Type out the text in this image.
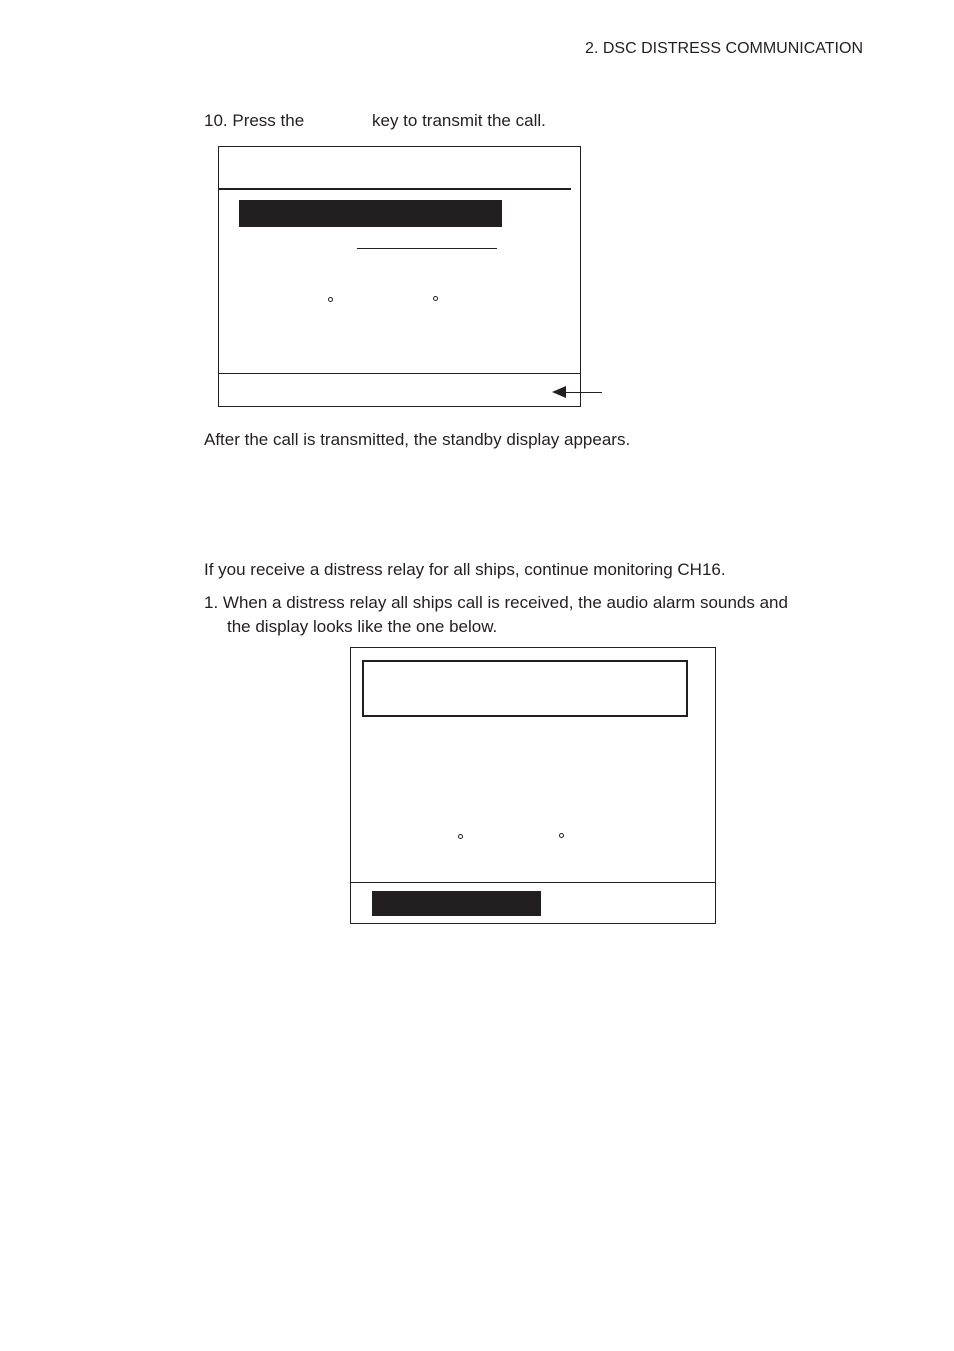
2. DSC DISTRESS COMMUNICATION
10. Press the	key to transmit the call.
After the call is transmitted, the standby display appears.
If you receive a distress relay for all ships, continue monitoring CH16.
1. When a distress relay all ships call is received, the audio alarm sounds and
the display looks like the one below.
